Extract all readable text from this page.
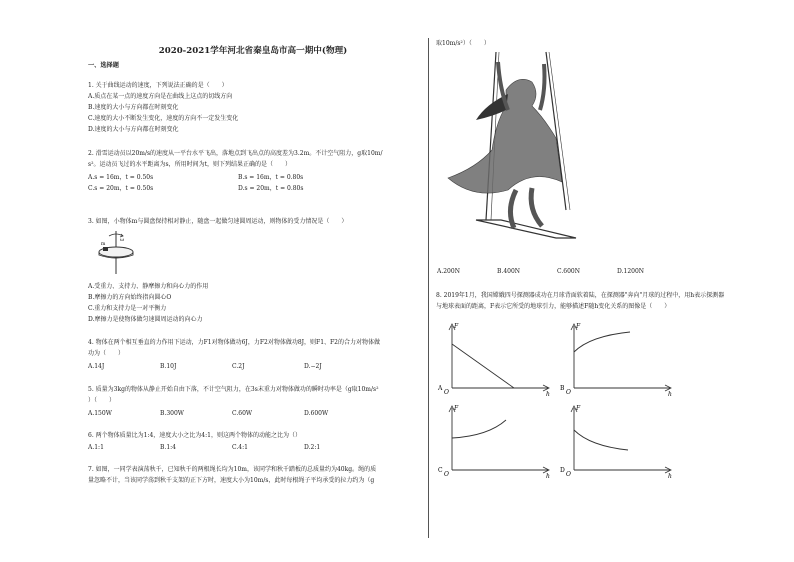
2020-2021学年河北省秦皇岛市高一期中(物理)
一、选择题
1. 关于曲线运动的速度，下列说法正确的是（　　）
A.质点在某一点的速度方向是在曲线上这点的切线方向
B.速度的大小与方向都在时刻变化
C.速度的大小不断发生变化，速度的方向不一定发生变化
D.速度的大小与方向都在时刻变化
2. 滑雪运动员以20m/s的速度从一平台水平飞出，落地点到飞出点的高度差为3.2m。不计空气阻力，g取10m/
s²。运动员飞过的水平距离为s，所用时间为t，则下列结果正确的是（　　）
A.s = 16m，t = 0.50s	B.s = 16m，t = 0.80s
C.s = 20m，t = 0.50s	D.s = 20m，t = 0.80s
3. 如图，小物体m与圆盘保持相对静止，随盘一起做匀速圆周运动，则物体的受力情况是（　　）
ω
m
A.受重力、支持力、静摩擦力和向心力的作用
B.摩擦力的方向始终指向圆心O
C.重力和支持力是一对平衡力
D.摩擦力是使物体做匀速圆周运动的向心力
4. 物体在两个相互垂直的力作用下运动，力F1对物体做功6J，力F2对物体做功8J，则F1、F2的合力对物体做
功为（　　）
A.14J	B.10J	C.2J	D.−2J
5. 质量为3kg的物体从静止开始自由下落，不计空气阻力，在3s末重力对物体做功的瞬时功率是（g取10m/s²
）（　　）
A.150W	B.300W	C.60W	D.600W
6. 两个物体质量比为1:4，速度大小之比为4:1，则这两个物体的动能之比为（）
A.1:1	B.1:4	C.4:1	D.2:1
7. 如图，一同学表演荡秋千，已知秋千的两根绳长均为10m，该同学和秋千踏板的总质量约为40kg。绳的质
量忽略不计，当该同学荡到秋千支架的正下方时，速度大小为10m/s，此时每根绳子平均承受的拉力约为（g
取10m/s²）（　　）
A.200N	B.400N	C.600N	D.1200N
8. 2019年1月，我国嫦娥四号探测器成功在月球背面软着陆，在探测器"奔向"月球的过程中，用h表示探测器
与地球表面的距离，F表示它所受的地球引力，能够描述F随h变化关系的图像是（　　）
F
h
O
A
F
h
O
B
F
h
O
C
F
h
O
D
